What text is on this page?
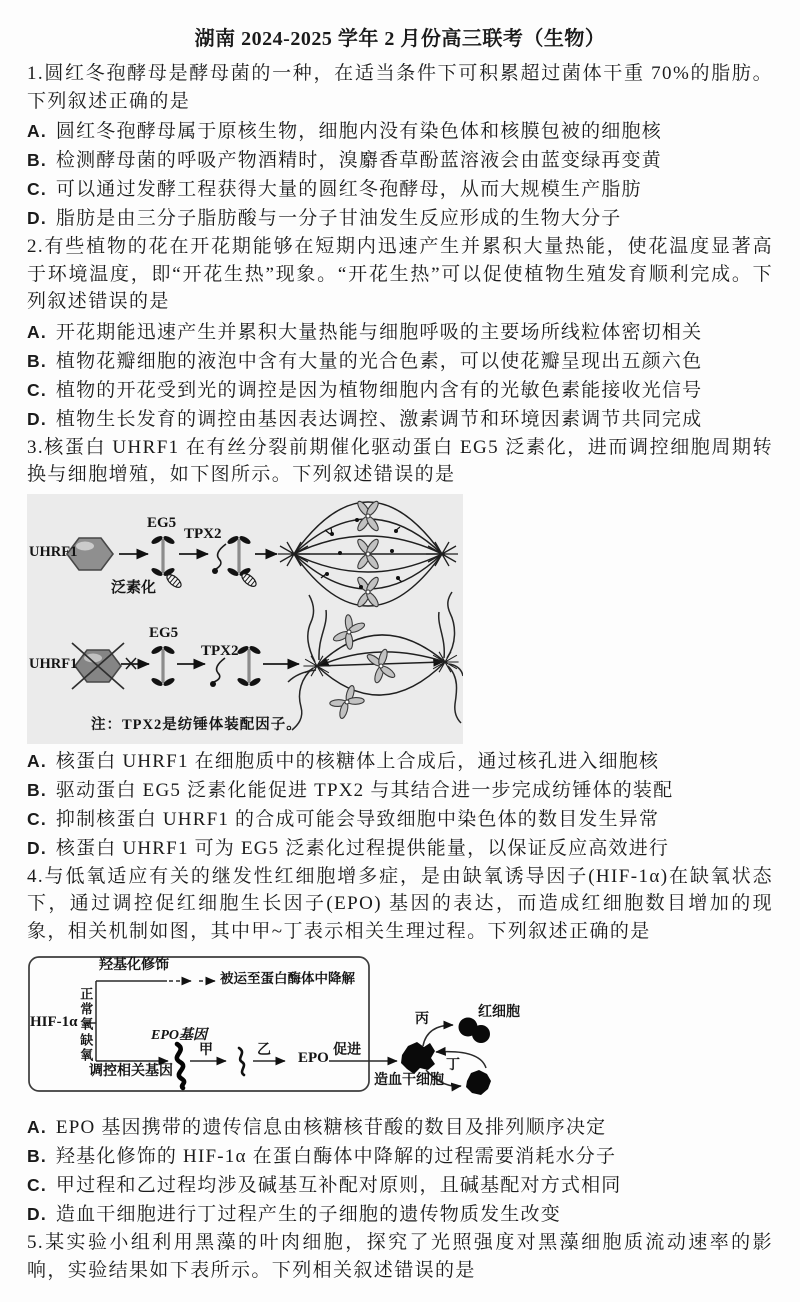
湖南 2024-2025 学年 2 月份高三联考（生物）

1.圆红冬孢酵母是酵母菌的一种，在适当条件下可积累超过菌体干重 70%的脂肪。下列叙述正确的是

A. 圆红冬孢酵母属于原核生物，细胞内没有染色体和核膜包被的细胞核

B. 检测酵母菌的呼吸产物酒精时，溴麝香草酚蓝溶液会由蓝变绿再变黄

C. 可以通过发酵工程获得大量的圆红冬孢酵母，从而大规模生产脂肪

D. 脂肪是由三分子脂肪酸与一分子甘油发生反应形成的生物大分子

2.有些植物的花在开花期能够在短期内迅速产生并累积大量热能，使花温度显著高于环境温度，即“开花生热”现象。“开花生热”可以促使植物生殖发育顺利完成。下列叙述错误的是

A. 开花期能迅速产生并累积大量热能与细胞呼吸的主要场所线粒体密切相关

B. 植物花瓣细胞的液泡中含有大量的光合色素，可以使花瓣呈现出五颜六色

C. 植物的开花受到光的调控是因为植物细胞内含有的光敏色素能接收光信号

D. 植物生长发育的调控由基因表达调控、激素调节和环境因素调节共同完成

3.核蛋白 UHRF1 在有丝分裂前期催化驱动蛋白 EG5 泛素化，进而调控细胞周期转换与细胞增殖，如下图所示。下列叙述错误的是

UHRF1
EG5
TPX2
泛素化
UHRF1
EG5
TPX2
注：TPX2是纺锤体装配因子。

A. 核蛋白 UHRF1 在细胞质中的核糖体上合成后，通过核孔进入细胞核

B. 驱动蛋白 EG5 泛素化能促进 TPX2 与其结合进一步完成纺锤体的装配

C. 抑制核蛋白 UHRF1 的合成可能会导致细胞中染色体的数目发生异常

D. 核蛋白 UHRF1 可为 EG5 泛素化过程提供能量，以保证反应高效进行

4.与低氧适应有关的继发性红细胞增多症，是由缺氧诱导因子(HIF-1α)在缺氧状态下，通过调控促红细胞生长因子(EPO) 基因的表达，而造成红细胞数目增加的现象，相关机制如图，其中甲~丁表示相关生理过程。下列叙述正确的是

HIF-1α 正常氧
缺氧
羟基化修饰
被运至蛋白酶体中降解
调控相关基因
EPO基因
甲	乙 EPO 促进
造血干细胞
丙
丁
红细胞

A. EPO 基因携带的遗传信息由核糖核苷酸的数目及排列顺序决定

B. 羟基化修饰的 HIF-1α 在蛋白酶体中降解的过程需要消耗水分子

C. 甲过程和乙过程均涉及碱基互补配对原则，且碱基配对方式相同

D. 造血干细胞进行丁过程产生的子细胞的遗传物质发生改变

5.某实验小组利用黑藻的叶肉细胞，探究了光照强度对黑藻细胞质流动速率的影响，实验结果如下表所示。下列相关叙述错误的是
